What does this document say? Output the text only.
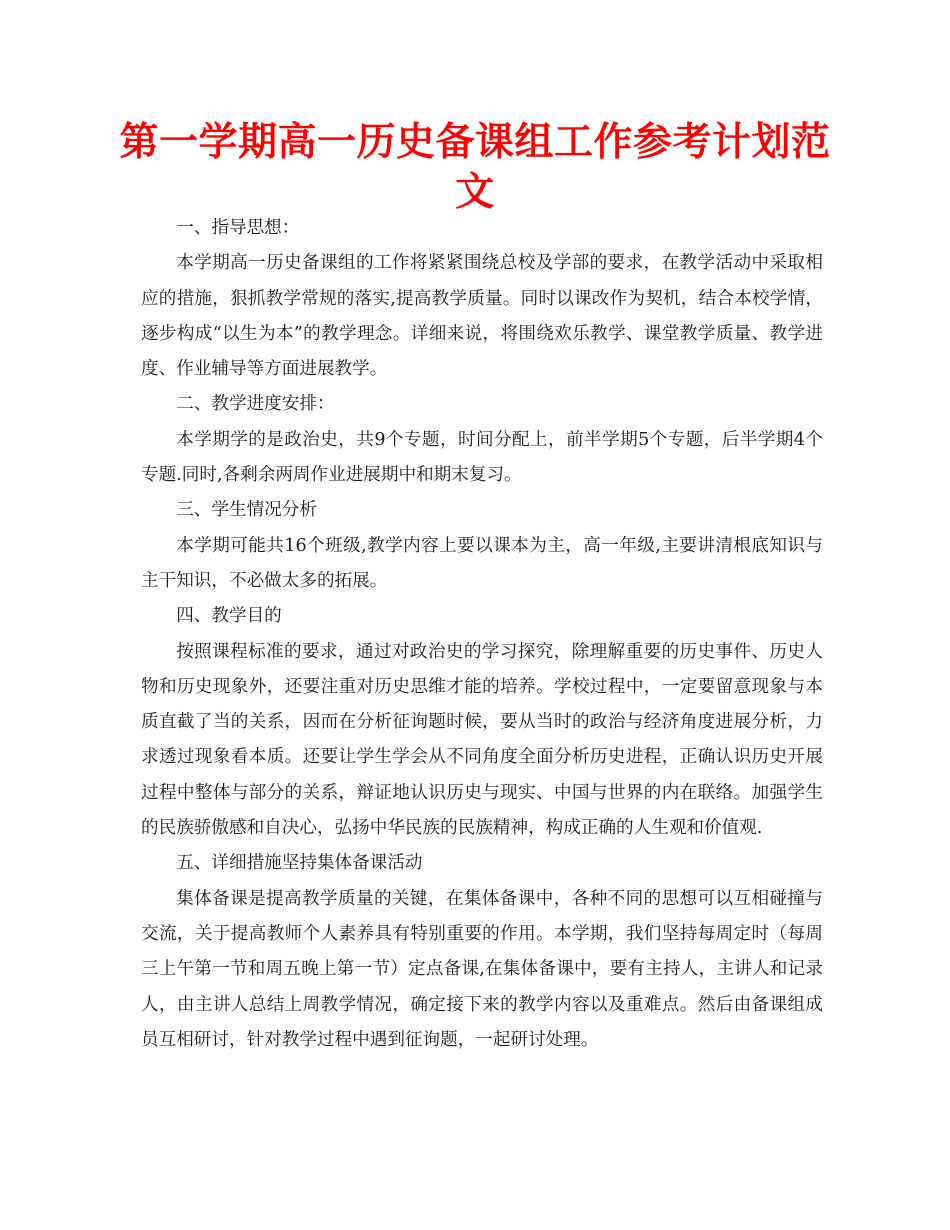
第一学期高一历史备课组工作参考计划范文

一、指导思想：

本学期高一历史备课组的工作将紧紧围绕总校及学部的要求，在教学活动中采取相应的措施，狠抓教学常规的落实,提高教学质量。同时以课改作为契机，结合本校学情，逐步构成“以生为本”的教学理念。详细来说，将围绕欢乐教学、课堂教学质量、教学进度、作业辅导等方面进展教学。

二、教学进度安排：

本学期学的是政治史，共9个专题，时间分配上，前半学期5个专题，后半学期4个专题.同时,各剩余两周作业进展期中和期末复习。

三、学生情况分析

本学期可能共16个班级,教学内容上要以课本为主，高一年级,主要讲清根底知识与主干知识，不必做太多的拓展。

四、教学目的

按照课程标准的要求，通过对政治史的学习探究，除理解重要的历史事件、历史人物和历史现象外，还要注重对历史思维才能的培养。学校过程中，一定要留意现象与本质直截了当的关系，因而在分析征询题时候，要从当时的政治与经济角度进展分析，力求透过现象看本质。还要让学生学会从不同角度全面分析历史进程，正确认识历史开展过程中整体与部分的关系，辩证地认识历史与现实、中国与世界的内在联络。加强学生的民族骄傲感和自决心，弘扬中华民族的民族精神，构成正确的人生观和价值观.

五、详细措施坚持集体备课活动

集体备课是提高教学质量的关键，在集体备课中，各种不同的思想可以互相碰撞与交流，关于提高教师个人素养具有特别重要的作用。本学期，我们坚持每周定时（每周三上午第一节和周五晚上第一节）定点备课,在集体备课中，要有主持人，主讲人和记录人，由主讲人总结上周教学情况，确定接下来的教学内容以及重难点。然后由备课组成员互相研讨，针对教学过程中遇到征询题，一起研讨处理。
